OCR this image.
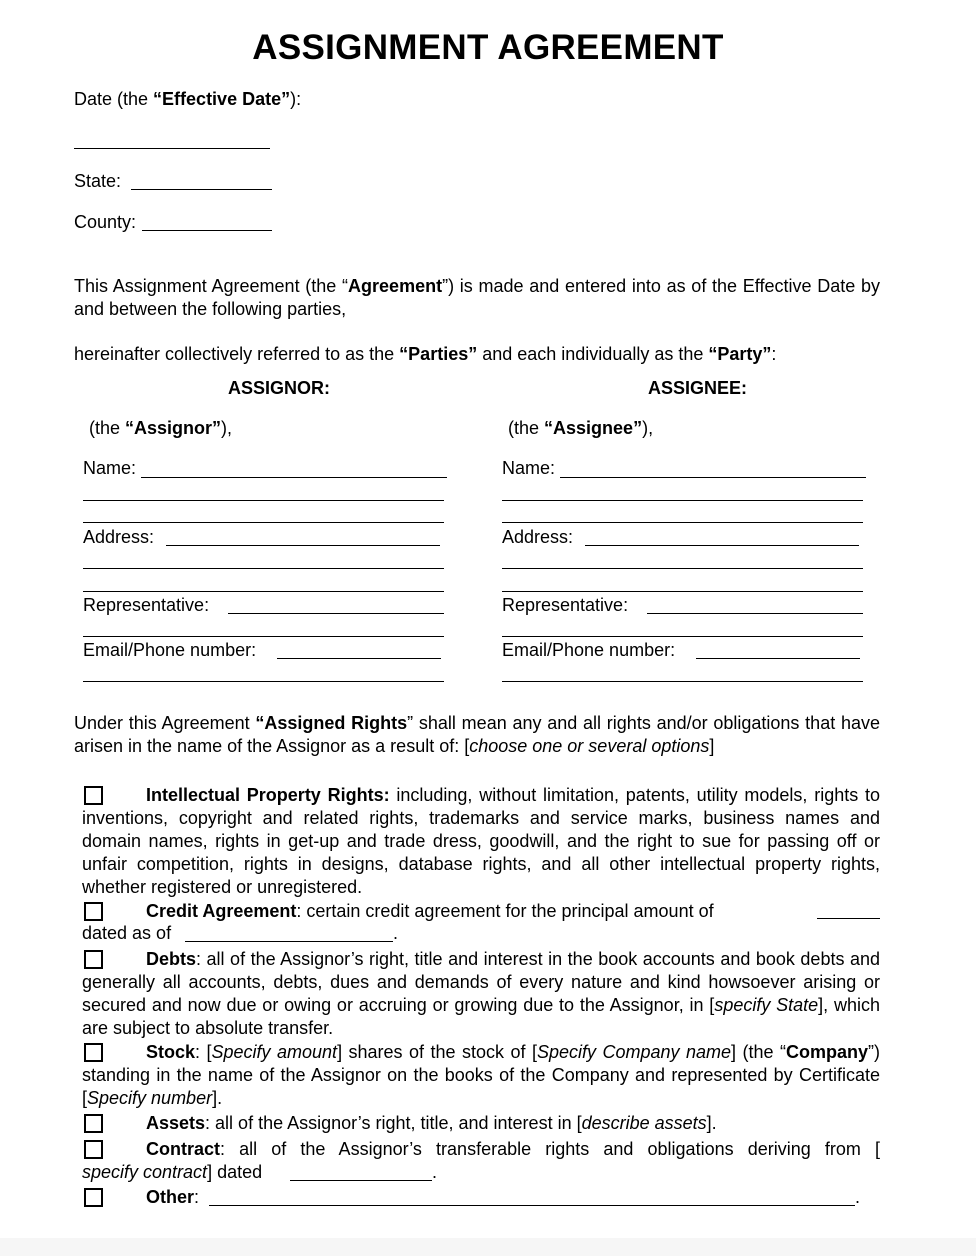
ASSIGNMENT AGREEMENT
Date (the “Effective Date”):
State:
County:
This Assignment Agreement (the “Agreement”) is made and entered into as of the Effective Date by and between the following parties,
hereinafter collectively referred to as the “Parties” and each individually as the “Party”:
ASSIGNOR:	ASSIGNEE:
(the “Assignor”),
Name:
Address:
Representative:
Email/Phone number:
(the “Assignee”),
Name:
Address:
Representative:
Email/Phone number:
Under this Agreement “Assigned Rights” shall mean any and all rights and/or obligations that have arisen in the name of the Assignor as a result of: [choose one or several options]
Intellectual Property Rights: including, without limitation, patents, utility models, rights to inventions, copyright and related rights, trademarks and service marks, business names and domain names, rights in get-up and trade dress, goodwill, and the right to sue for passing off or unfair competition, rights in designs, database rights, and all other intellectual property rights, whether registered or unregistered.
Credit Agreement: certain credit agreement for the principal amount of
dated as of	.
Debts: all of the Assignor’s right, title and interest in the book accounts and book debts and generally all accounts, debts, dues and demands of every nature and kind howsoever arising or secured and now due or owing or accruing or growing due to the Assignor, in [specify State], which are subject to absolute transfer.
Stock: [Specify amount] shares of the stock of [Specify Company name] (the “Company”) standing in the name of the Assignor on the books of the Company and represented by Certificate [Specify number].
Assets: all of the Assignor’s right, title, and interest in [describe assets].
Contract: all of the Assignor’s transferable rights and obligations deriving from [
specify contract] dated	.
Other:	.
